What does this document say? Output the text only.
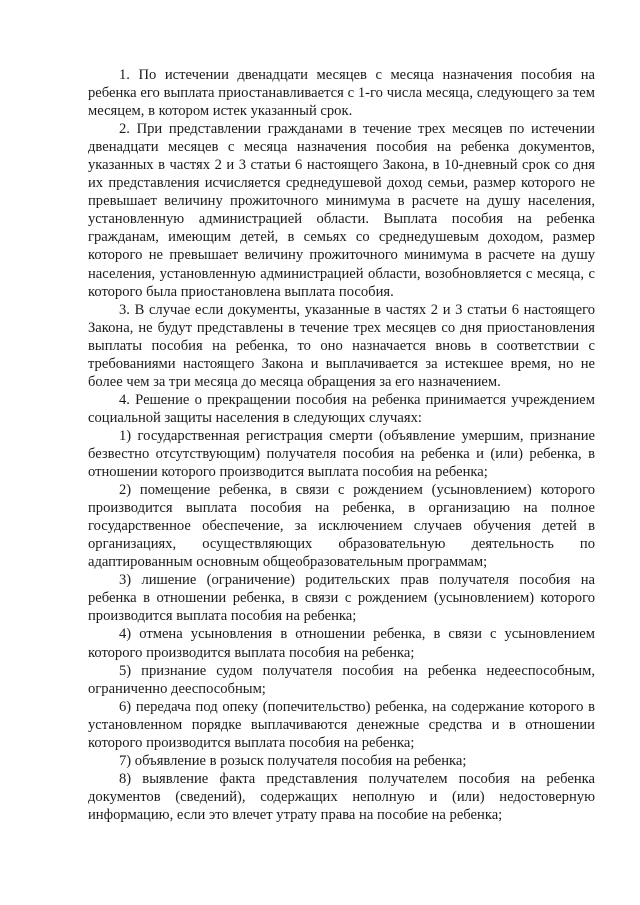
1. По истечении двенадцати месяцев с месяца назначения пособия на ребенка его выплата приостанавливается с 1-го числа месяца, следующего за тем месяцем, в котором истек указанный срок.

2. При представлении гражданами в течение трех месяцев по истечении двенадцати месяцев с месяца назначения пособия на ребенка документов, указанных в частях 2 и 3 статьи 6 настоящего Закона, в 10-дневный срок со дня их представления исчисляется среднедушевой доход семьи, размер которого не превышает величину прожиточного минимума в расчете на душу населения, установленную администрацией области. Выплата пособия на ребенка гражданам, имеющим детей, в семьях со среднедушевым доходом, размер которого не превышает величину прожиточного минимума в расчете на душу населения, установленную администрацией области, возобновляется с месяца, с которого была приостановлена выплата пособия.

3. В случае если документы, указанные в частях 2 и 3 статьи 6 настоящего Закона, не будут представлены в течение трех месяцев со дня приостановления выплаты пособия на ребенка, то оно назначается вновь в соответствии с требованиями настоящего Закона и выплачивается за истекшее время, но не более чем за три месяца до месяца обращения за его назначением.

4. Решение о прекращении пособия на ребенка принимается учреждением социальной защиты населения в следующих случаях:

1) государственная регистрация смерти (объявление умершим, признание безвестно отсутствующим) получателя пособия на ребенка и (или) ребенка, в отношении которого производится выплата пособия на ребенка;

2) помещение ребенка, в связи с рождением (усыновлением) которого производится выплата пособия на ребенка, в организацию на полное государственное обеспечение, за исключением случаев обучения детей в организациях, осуществляющих образовательную деятельность по адаптированным основным общеобразовательным программам;

3) лишение (ограничение) родительских прав получателя пособия на ребенка в отношении ребенка, в связи с рождением (усыновлением) которого производится выплата пособия на ребенка;

4) отмена усыновления в отношении ребенка, в связи с усыновлением которого производится выплата пособия на ребенка;

5) признание судом получателя пособия на ребенка недееспособным, ограниченно дееспособным;

6) передача под опеку (попечительство) ребенка, на содержание которого в установленном порядке выплачиваются денежные средства и в отношении которого производится выплата пособия на ребенка;

7) объявление в розыск получателя пособия на ребенка;

8) выявление факта представления получателем пособия на ребенка документов (сведений), содержащих неполную и (или) недостоверную информацию, если это влечет утрату права на пособие на ребенка;
